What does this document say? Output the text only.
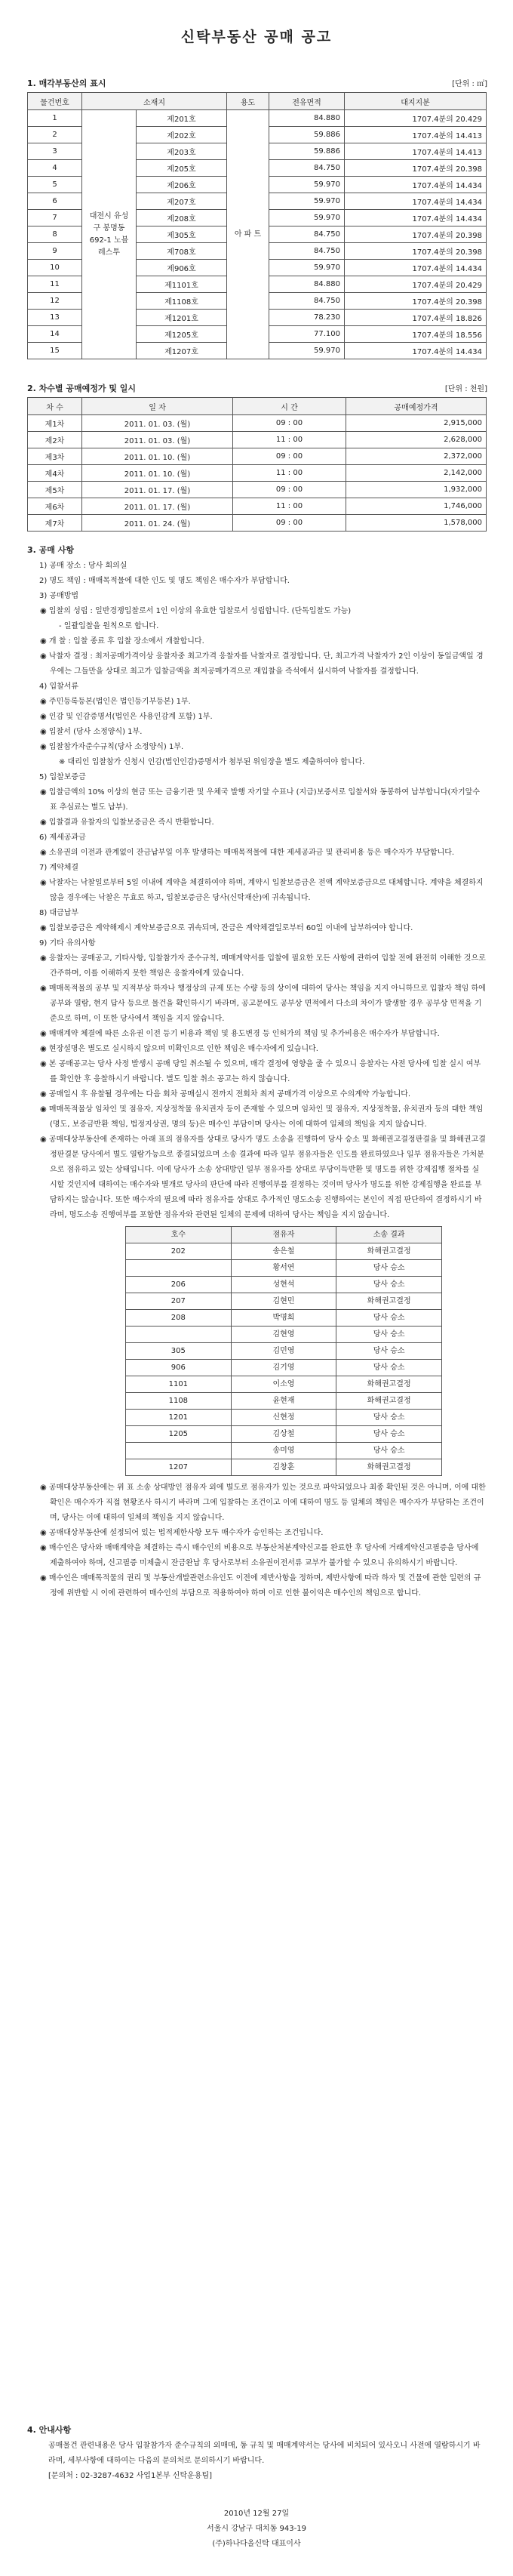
신탁부동산 공매 공고
1. 매각부동산의 표시	[단위 : ㎡]
물건번호	소재지		용도	전유면적	대지지분
1	대전시 유성구 봉명동 692-1 노블레스투	제201호	아 파 트	84.880	1707.4분의 20.429
2		제202호		59.886	1707.4분의 14.413
3		제203호		59.886	1707.4분의 14.413
4		제205호		84.750	1707.4분의 20.398
5		제206호		59.970	1707.4분의 14.434
6		제207호		59.970	1707.4분의 14.434
7		제208호		59.970	1707.4분의 14.434
8		제305호		84.750	1707.4분의 20.398
9		제708호		84.750	1707.4분의 20.398
10		제906호		59.970	1707.4분의 14.434
11		제1101호		84.880	1707.4분의 20.429
12		제1108호		84.750	1707.4분의 20.398
13		제1201호		78.230	1707.4분의 18.826
14		제1205호		77.100	1707.4분의 18.556
15		제1207호		59.970	1707.4분의 14.434
2. 차수별 공매예정가 및 일시	[단위 : 천원]
차 수	일 자	시 간	공매예정가격
제1차	2011. 01. 03. (월)	09 : 00	2,915,000
제2차	2011. 01. 03. (월)	11 : 00	2,628,000
제3차	2011. 01. 10. (월)	09 : 00	2,372,000
제4차	2011. 01. 10. (월)	11 : 00	2,142,000
제5차	2011. 01. 17. (월)	09 : 00	1,932,000
제6차	2011. 01. 17. (월)	11 : 00	1,746,000
제7차	2011. 01. 24. (월)	09 : 00	1,578,000
3. 공매 사항

1) 공매 장소 : 당사 회의실

2) 명도 책임 : 매매목적물에 대한 인도 및 명도 책임은 매수자가 부담합니다.

3) 공매방법

◉ 입찰의 성립 : 일반경쟁입찰로서 1인 이상의 유효한 입찰로서 성립합니다. (단독입찰도 가능)

- 일괄입찰을 원칙으로 합니다.

◉ 개 찰 : 입찰 종료 후 입찰 장소에서 개찰합니다.

◉ 낙찰자 결정 : 최저공매가격이상 응찰자중 최고가격 응찰자를 낙찰자로 결정합니다. 단, 최고가격 낙찰자가 2인 이상이 동일금액일 경우에는 그들만을 상대로 최고가 입찰금액을 최저공매가격으로 재입찰을 즉석에서 실시하여 낙찰자를 결정합니다.

4) 입찰서류

◉ 주민등록등본(법인은 법인등기부등본) 1부.

◉ 인감 및 인감증명서(법인은 사용인감계 포함) 1부.

◉ 입찰서 (당사 소정양식) 1부.

◉ 입찰참가자준수규칙(당사 소정양식) 1부.

※ 대리인 입찰참가 신청시 인감(법인인감)증명서가 첨부된 위임장을 별도 제출하여야 합니다.

5) 입찰보증금

◉ 입찰금액의 10% 이상의 현금 또는 금융기관 및 우체국 발행 자기앞 수표나 (지급)보증서로 입찰서와 동봉하여 납부합니다(자기앞수표 추심료는 별도 납부).

◉ 입찰결과 유찰자의 입찰보증금은 즉시 반환합니다.

6) 제세공과금

◉ 소유권의 이전과 관계없이 잔금납부일 이후 발생하는 매매목적물에 대한 제세공과금 및 관리비용 등은 매수자가 부담합니다.

7) 계약체결

◉ 낙찰자는 낙찰일로부터 5일 이내에 계약을 체결하여야 하며, 계약시 입찰보증금은 전액 계약보증금으로 대체합니다. 계약을 체결하지 않을 경우에는 낙찰은 무효로 하고, 입찰보증금은 당사(신탁재산)에 귀속됩니다.

8) 대금납부

◉ 입찰보증금은 계약해제시 계약보증금으로 귀속되며, 잔금은 계약체결일로부터 60일 이내에 납부하여야 합니다.

9) 기타 유의사항

◉ 응찰자는 공매공고, 기타사항, 입찰참가자 준수규칙, 매매계약서를 입찰에 필요한 모든 사항에 관하여 입찰 전에 완전히 이해한 것으로 간주하며, 이를 이해하지 못한 책임은 응찰자에게 있습니다.

◉ 매매목적물의 공부 및 지적부상 하자나 행정상의 규제 또는 수량 등의 상이에 대하여 당사는 책임을 지지 아니하므로 입찰자 책임 하에 공부와 열람, 현지 답사 등으로 물건을 확인하시기 바라며, 공고문에도 공부상 면적에서 다소의 차이가 발생할 경우 공부상 면적을 기준으로 하며, 이 또한 당사에서 책임을 지지 않습니다.

◉ 매매계약 체결에 따른 소유권 이전 등기 비용과 책임 및 용도변경 등 인허가의 책임 및 추가비용은 매수자가 부담합니다.

◉ 현장설명은 별도로 실시하지 않으며 미확인으로 인한 책임은 매수자에게 있습니다.

◉ 본 공매공고는 당사 사정 발생시 공매 당일 취소될 수 있으며, 매각 결정에 영향을 줄 수 있으니 응찰자는 사전 당사에 입찰 실시 여부를 확인한 후 응찰하시기 바랍니다. 별도 입찰 취소 공고는 하지 않습니다.

◉ 공매일시 후 유찰될 경우에는 다음 회차 공매실시 전까지 전회차 최저 공매가격 이상으로 수의계약 가능합니다.

◉ 매매목적물상 임차인 및 점유자, 지상정착물 유치권자 등이 존재할 수 있으며 임차인 및 점유자, 지상정착물, 유치권자 등의 대한 책임(명도, 보증금반환 책임, 법정지상권, 명의 등)은 매수인 부담이며 당사는 이에 대하여 일체의 책임을 지지 않습니다.

◉ 공매대상부동산에 존재하는 아래 표의 점유자를 상대로 당사가 명도 소송을 진행하여 당사 승소 및 화해권고결정판결을 및 화해권고결정판결문 당사에서 별도 열람가능으로 종결되었으며 소송 결과에 따라 일부 점유자들은 인도를 완료하였으나 일부 점유자들은 가처분으로 점유하고 있는 상태입니다. 이에 당사가 소송 상대방인 일부 점유자를 상대로 부당이득반환 및 명도를 위한 강제집행 절차를 실시할 것인지에 대하여는 매수자와 별개로 당사의 판단에 따라 진행여부를 결정하는 것이며 당사가 명도를 위한 강제집행을 완료를 부담하지는 않습니다. 또한 매수자의 필요에 따라 점유자를 상대로 추가적인 명도소송 진행하여는 본인이 직접 판단하여 결정하시기 바라며, 명도소송 진행여부를 포함한 점유자와 관련된 일체의 문제에 대하여 당사는 책임을 지지 않습니다.

호수	점유자	소송 결과
202	송은철	화해권고결정
	황서연	당사 승소
206	성현석	당사 승소
207	김현민	화해권고결정
208	박명희	당사 승소
	김현영	당사 승소
305	김민영	당사 승소
906	김기영	당사 승소
1101	이소영	화해권고결정
1108	윤현재	화해권고결정
1201	신현정	당사 승소
1205	김상철	당사 승소
	송미영	당사 승소
1207	김창훈	화해권고결정

◉ 공매대상부동산에는 위 표 소송 상대방인 점유자 외에 별도로 점유자가 있는 것으로 파악되었으나 최종 확인된 것은 아니며, 이에 대한 확인은 매수자가 직접 현황조사 하시기 바라며 그에 입찰하는 조건이고 이에 대하여 명도 등 일체의 책임은 매수자가 부담하는 조건이며, 당사는 이에 대하여 일체의 책임을 지지 않습니다.

◉ 공매대상부동산에 설정되어 있는 법적제한사항 모두 매수자가 승인하는 조건입니다.

◉ 매수인은 당사와 매매계약을 체결하는 즉시 매수인의 비용으로 부동산처분계약신고를 완료한 후 당사에 거래계약신고필증을 당사에 제출하여야 하며, 신고필증 미제출시 잔금완납 후 당사로부터 소유권이전서류 교부가 불가할 수 있으니 유의하시기 바랍니다.

◉ 매수인은 매매목적물의 권리 및 부동산개발관련소유인도 이전에 제반사항을 정하며, 제반사항에 따라 하자 및 건물에 관한 일련의 규정에 위반할 시 이에 관련하여 매수인의 부담으로 적용하여야 하며 이로 인한 불이익은 매수인의 책임으로 합니다.

4. 안내사항

공매물건 관련내용은 당사 입찰참가자 준수규칙의 외매매, 동 규칙 및 매매계약서는 당사에 비치되어 있사오니 사전에 열람하시기 바라며, 세부사항에 대하여는 다음의 문의처로 문의하시기 바랍니다.

[문의처 : 02-3287-4632 사업1본부 신탁운용팀]

2010년 12월 27일
서울시 강남구 대치동 943-19
(주)하나다올신탁 대표이사
